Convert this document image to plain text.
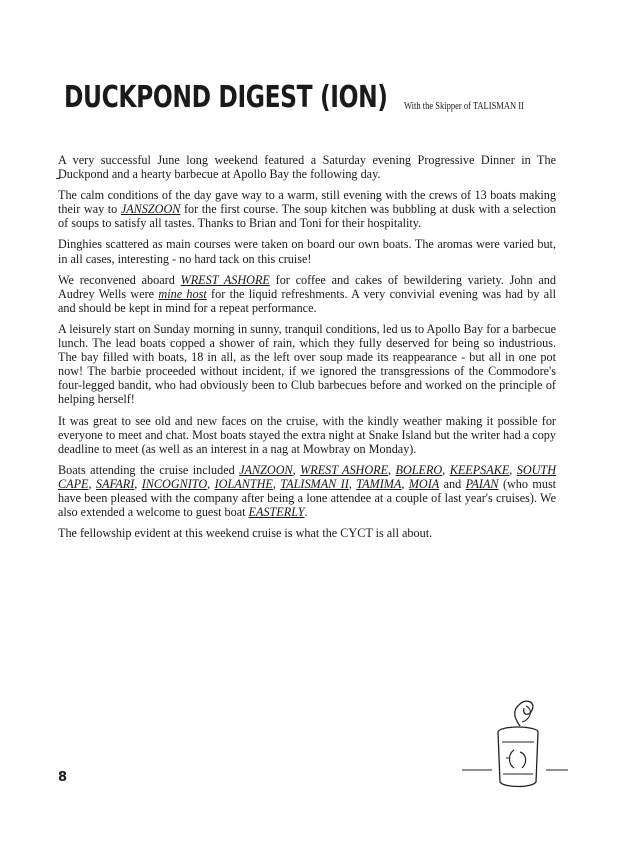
DUCKPOND DIGEST (ION) With the Skipper of TALISMAN II

A very successful June long weekend featured a Saturday evening Progressive Dinner in The Duckpond and a hearty barbecue at Apollo Bay the following day.

The calm conditions of the day gave way to a warm, still evening with the crews of 13 boats making their way to JANSZOON for the first course. The soup kitchen was bubbling at dusk with a selection of soups to satisfy all tastes. Thanks to Brian and Toni for their hospitality.

Dinghies scattered as main courses were taken on board our own boats. The aromas were varied but, in all cases, interesting - no hard tack on this cruise!

We reconvened aboard WREST ASHORE for coffee and cakes of bewildering variety. John and Audrey Wells were mine host for the liquid refreshments. A very convivial evening was had by all and should be kept in mind for a repeat performance.

A leisurely start on Sunday morning in sunny, tranquil conditions, led us to Apollo Bay for a barbecue lunch. The lead boats copped a shower of rain, which they fully deserved for being so industrious. The bay filled with boats, 18 in all, as the left over soup made its reappearance - but all in one pot now! The barbie proceeded without incident, if we ignored the transgressions of the Commodore's four-legged bandit, who had obviously been to Club barbecues before and worked on the principle of helping herself!

It was great to see old and new faces on the cruise, with the kindly weather making it possible for everyone to meet and chat. Most boats stayed the extra night at Snake Island but the writer had a copy deadline to meet (as well as an interest in a nag at Mowbray on Monday).

Boats attending the cruise included JANZOON, WREST ASHORE, BOLERO, KEEPSAKE, SOUTH CAPE, SAFARI, INCOGNITO, IOLANTHE, TALISMAN II, TAMIMA, MOIA and PAIAN (who must have been pleased with the company after being a lone attendee at a couple of last year's cruises). We also extended a welcome to guest boat EASTERLY.

The fellowship evident at this weekend cruise is what the CYCT is all about.

8
